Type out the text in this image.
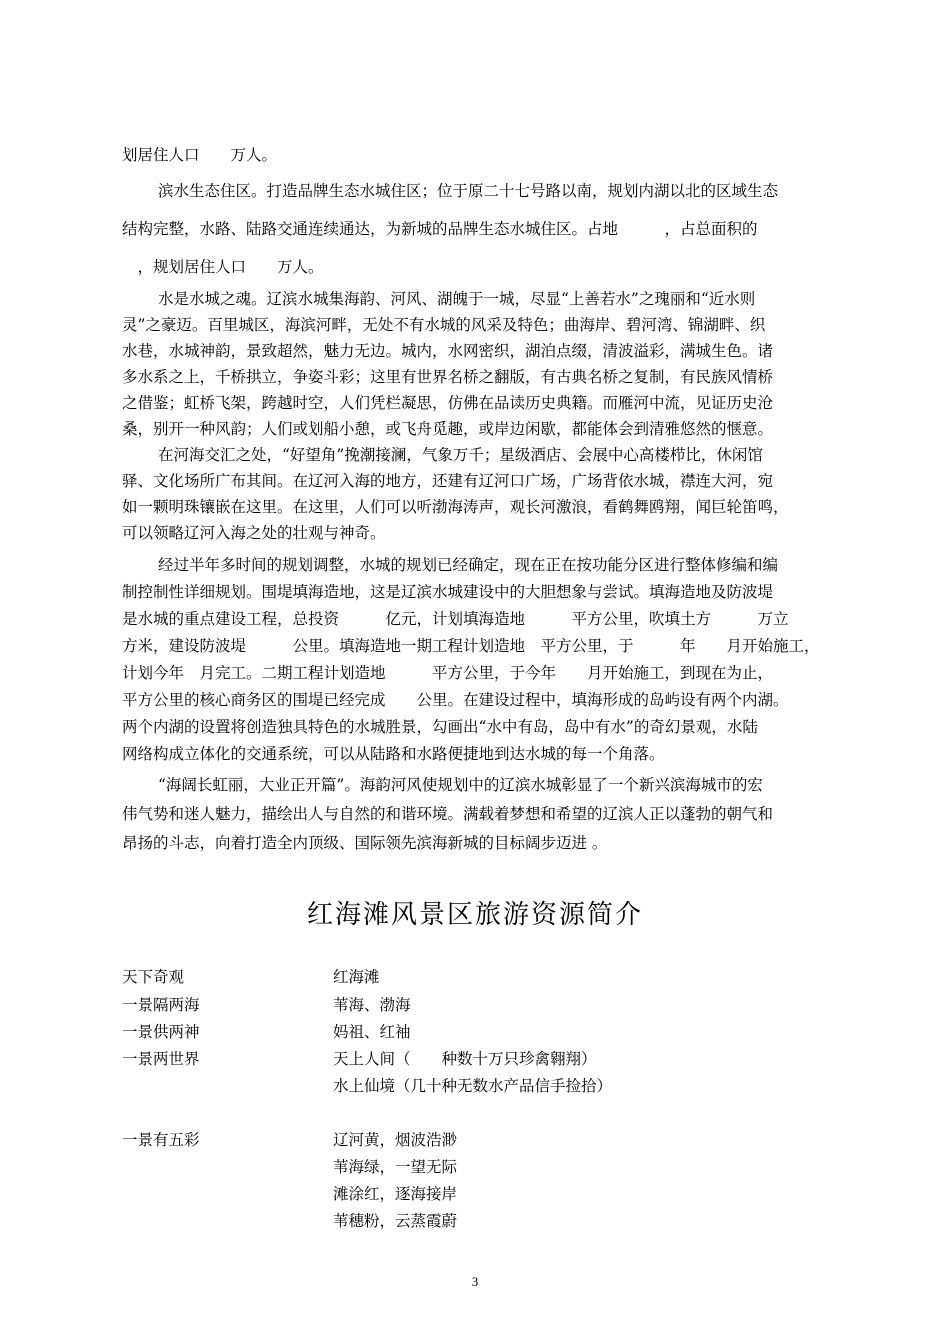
划居住人口　　万人。
滨水生态住区。打造品牌生态水城住区；位于原二十七号路以南，规划内湖以北的区域生态
结构完整，水路、陆路交通连续通达，为新城的品牌生态水城住区。占地　　　，占总面积的
　，规划居住人口　　万人。
水是水城之魂。辽滨水城集海韵、河风、湖魄于一城，尽显“上善若水”之瑰丽和“近水则
灵”之豪迈。百里城区，海滨河畔，无处不有水城的风采及特色；曲海岸、碧河湾、锦湖畔、织
水巷，水城神韵，景致超然，魅力无边。城内，水网密织，湖泊点缀，清波溢彩，满城生色。诸
多水系之上，千桥拱立，争姿斗彩；这里有世界名桥之翻版，有古典名桥之复制，有民族风情桥
之借鉴；虹桥飞架，跨越时空，人们凭栏凝思，仿佛在品读历史典籍。而雁河中流，见证历史沧
桑，别开一种风韵；人们或划船小憩，或飞舟觅趣，或岸边闲歇，都能体会到清雅悠然的惬意。
在河海交汇之处，“好望角”挽潮接澜，气象万千；星级酒店、会展中心高楼栉比，休闲馆
驿、文化场所广布其间。在辽河入海的地方，还建有辽河口广场，广场背依水城，襟连大河，宛
如一颗明珠镶嵌在这里。在这里，人们可以听渤海涛声，观长河激浪，看鹤舞鸥翔，闻巨轮笛鸣，
可以领略辽河入海之处的壮观与神奇。
经过半年多时间的规划调整，水城的规划已经确定，现在正在按功能分区进行整体修编和编
制控制性详细规划。围堤填海造地，这是辽滨水城建设中的大胆想象与尝试。填海造地及防波堤
是水城的重点建设工程，总投资　　　亿元，计划填海造地　　　平方公里，吹填土方　　　万立
方米，建设防波堤　　　公里。填海造地一期工程计划造地　平方公里，于　　　年　　月开始施工，
计划今年　月完工。二期工程计划造地　　　平方公里，于今年　　月开始施工，到现在为止，
平方公里的核心商务区的围堤已经完成　　公里。在建设过程中，填海形成的岛屿设有两个内湖。
两个内湖的设置将创造独具特色的水城胜景，勾画出“水中有岛，岛中有水”的奇幻景观，水陆
网络构成立体化的交通系统，可以从陆路和水路便捷地到达水城的每一个角落。
“海阔长虹丽，大业正开篇”。海韵河风使规划中的辽滨水城彰显了一个新兴滨海城市的宏
伟气势和迷人魅力，描绘出人与自然的和谐环境。满载着梦想和希望的辽滨人正以蓬勃的朝气和
昂扬的斗志，向着打造全内顶级、国际领先滨海新城的目标阔步迈进 。
红海滩风景区旅游资源简介
天下奇观	红海滩
一景隔两海	苇海、渤海
一景供两神	妈祖、红袖
一景两世界	天上人间（　　种数十万只珍禽翱翔）
水上仙境（几十种无数水产品信手捡拾）
一景有五彩	辽河黄，烟波浩渺
苇海绿，一望无际
滩涂红，逐海接岸
苇穗粉，云蒸霞蔚
3
